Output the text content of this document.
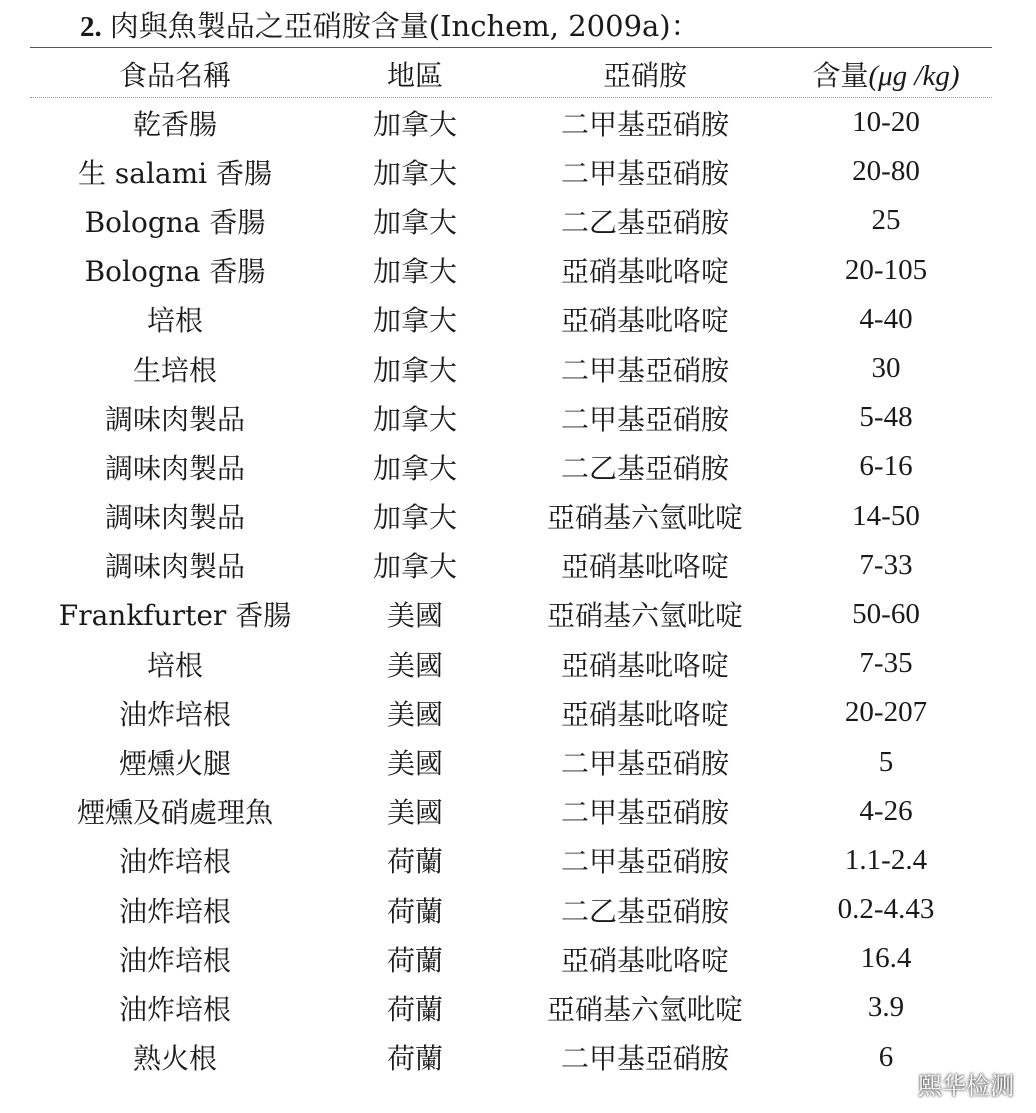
2. 肉與魚製品之亞硝胺含量(Inchem, 2009a)：
食品名稱	地區	亞硝胺	含量(μg /kg)
乾香腸	加拿大	二甲基亞硝胺	10-20
生 salami 香腸	加拿大	二甲基亞硝胺	20-80
Bologna 香腸	加拿大	二乙基亞硝胺	25
Bologna 香腸	加拿大	亞硝基吡咯啶	20-105
培根	加拿大	亞硝基吡咯啶	4-40
生培根	加拿大	二甲基亞硝胺	30
調味肉製品	加拿大	二甲基亞硝胺	5-48
調味肉製品	加拿大	二乙基亞硝胺	6-16
調味肉製品	加拿大	亞硝基六氫吡啶	14-50
調味肉製品	加拿大	亞硝基吡咯啶	7-33
Frankfurter 香腸	美國	亞硝基六氫吡啶	50-60
培根	美國	亞硝基吡咯啶	7-35
油炸培根	美國	亞硝基吡咯啶	20-207
煙燻火腿	美國	二甲基亞硝胺	5
煙燻及硝處理魚	美國	二甲基亞硝胺	4-26
油炸培根	荷蘭	二甲基亞硝胺	1.1-2.4
油炸培根	荷蘭	二乙基亞硝胺	0.2-4.43
油炸培根	荷蘭	亞硝基吡咯啶	16.4
油炸培根	荷蘭	亞硝基六氫吡啶	3.9
熟火根	荷蘭	二甲基亞硝胺	6
熙华检测
